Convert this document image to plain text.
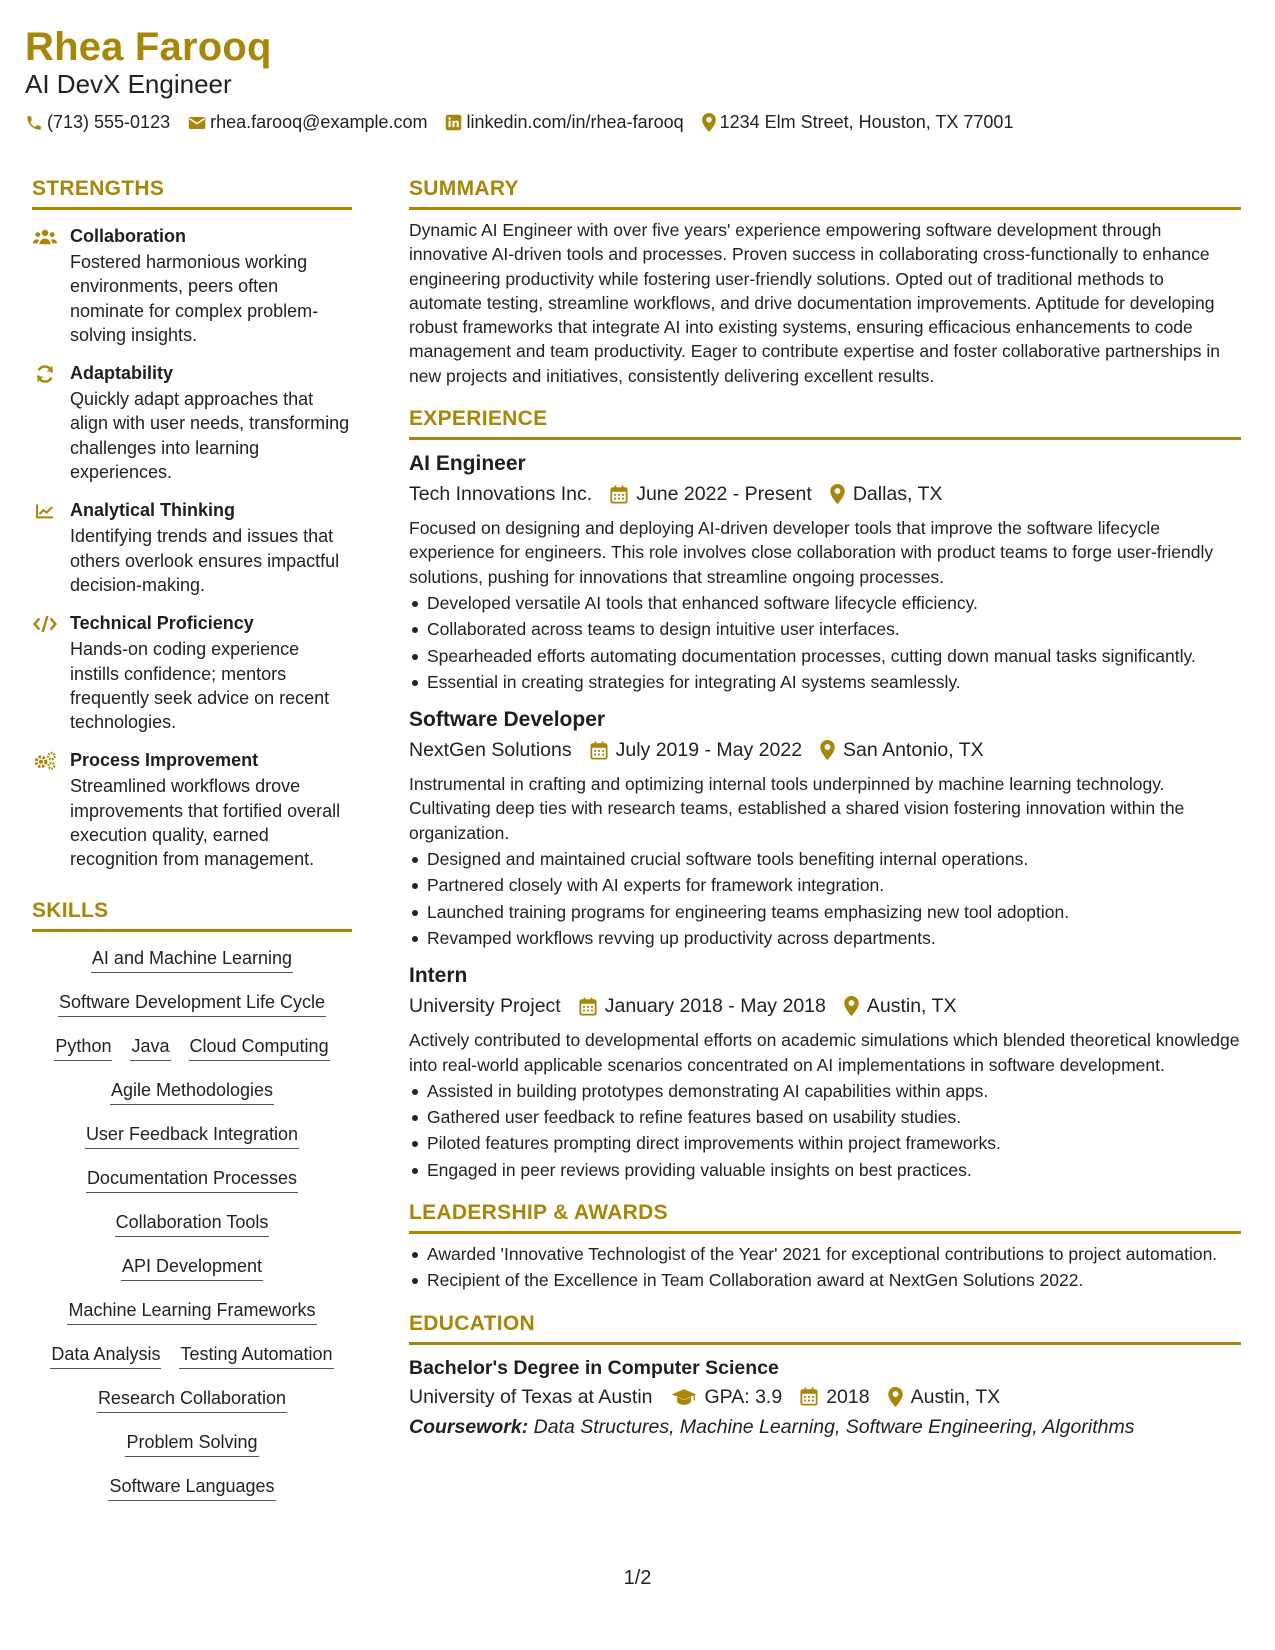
Rhea Farooq
AI DevX Engineer
(713) 555-0123 rhea.farooq@example.com linkedin.com/in/rhea-farooq 1234 Elm Street, Houston, TX 77001
STRENGTHS
Collaboration
Fostered harmonious working environments, peers often nominate for complex problem-solving insights.
Adaptability
Quickly adapt approaches that align with user needs, transforming challenges into learning experiences.
Analytical Thinking
Identifying trends and issues that others overlook ensures impactful decision-making.
Technical Proficiency
Hands-on coding experience instills confidence; mentors frequently seek advice on recent technologies.
Process Improvement
Streamlined workflows drove improvements that fortified overall execution quality, earned recognition from management.
SKILLS
AI and Machine Learning
Software Development Life Cycle
Python Java Cloud Computing
Agile Methodologies
User Feedback Integration
Documentation Processes
Collaboration Tools
API Development
Machine Learning Frameworks
Data Analysis Testing Automation
Research Collaboration
Problem Solving
Software Languages
SUMMARY
Dynamic AI Engineer with over five years' experience empowering software development through innovative AI-driven tools and processes. Proven success in collaborating cross-functionally to enhance engineering productivity while fostering user-friendly solutions. Opted out of traditional methods to automate testing, streamline workflows, and drive documentation improvements. Aptitude for developing robust frameworks that integrate AI into existing systems, ensuring efficacious enhancements to code management and team productivity. Eager to contribute expertise and foster collaborative partnerships in new projects and initiatives, consistently delivering excellent results.
EXPERIENCE
AI Engineer
Tech Innovations Inc. June 2022 - Present Dallas, TX
Focused on designing and deploying AI-driven developer tools that improve the software lifecycle experience for engineers. This role involves close collaboration with product teams to forge user-friendly solutions, pushing for innovations that streamline ongoing processes.
Developed versatile AI tools that enhanced software lifecycle efficiency.
Collaborated across teams to design intuitive user interfaces.
Spearheaded efforts automating documentation processes, cutting down manual tasks significantly.
Essential in creating strategies for integrating AI systems seamlessly.
Software Developer
NextGen Solutions July 2019 - May 2022 San Antonio, TX
Instrumental in crafting and optimizing internal tools underpinned by machine learning technology. Cultivating deep ties with research teams, established a shared vision fostering innovation within the organization.
Designed and maintained crucial software tools benefiting internal operations.
Partnered closely with AI experts for framework integration.
Launched training programs for engineering teams emphasizing new tool adoption.
Revamped workflows revving up productivity across departments.
Intern
University Project January 2018 - May 2018 Austin, TX
Actively contributed to developmental efforts on academic simulations which blended theoretical knowledge into real-world applicable scenarios concentrated on AI implementations in software development.
Assisted in building prototypes demonstrating AI capabilities within apps.
Gathered user feedback to refine features based on usability studies.
Piloted features prompting direct improvements within project frameworks.
Engaged in peer reviews providing valuable insights on best practices.
LEADERSHIP & AWARDS
Awarded 'Innovative Technologist of the Year' 2021 for exceptional contributions to project automation.
Recipient of the Excellence in Team Collaboration award at NextGen Solutions 2022.
EDUCATION
Bachelor's Degree in Computer Science
University of Texas at Austin	GPA: 3.9 2018 Austin, TX
Coursework: Data Structures, Machine Learning, Software Engineering, Algorithms
1/2
